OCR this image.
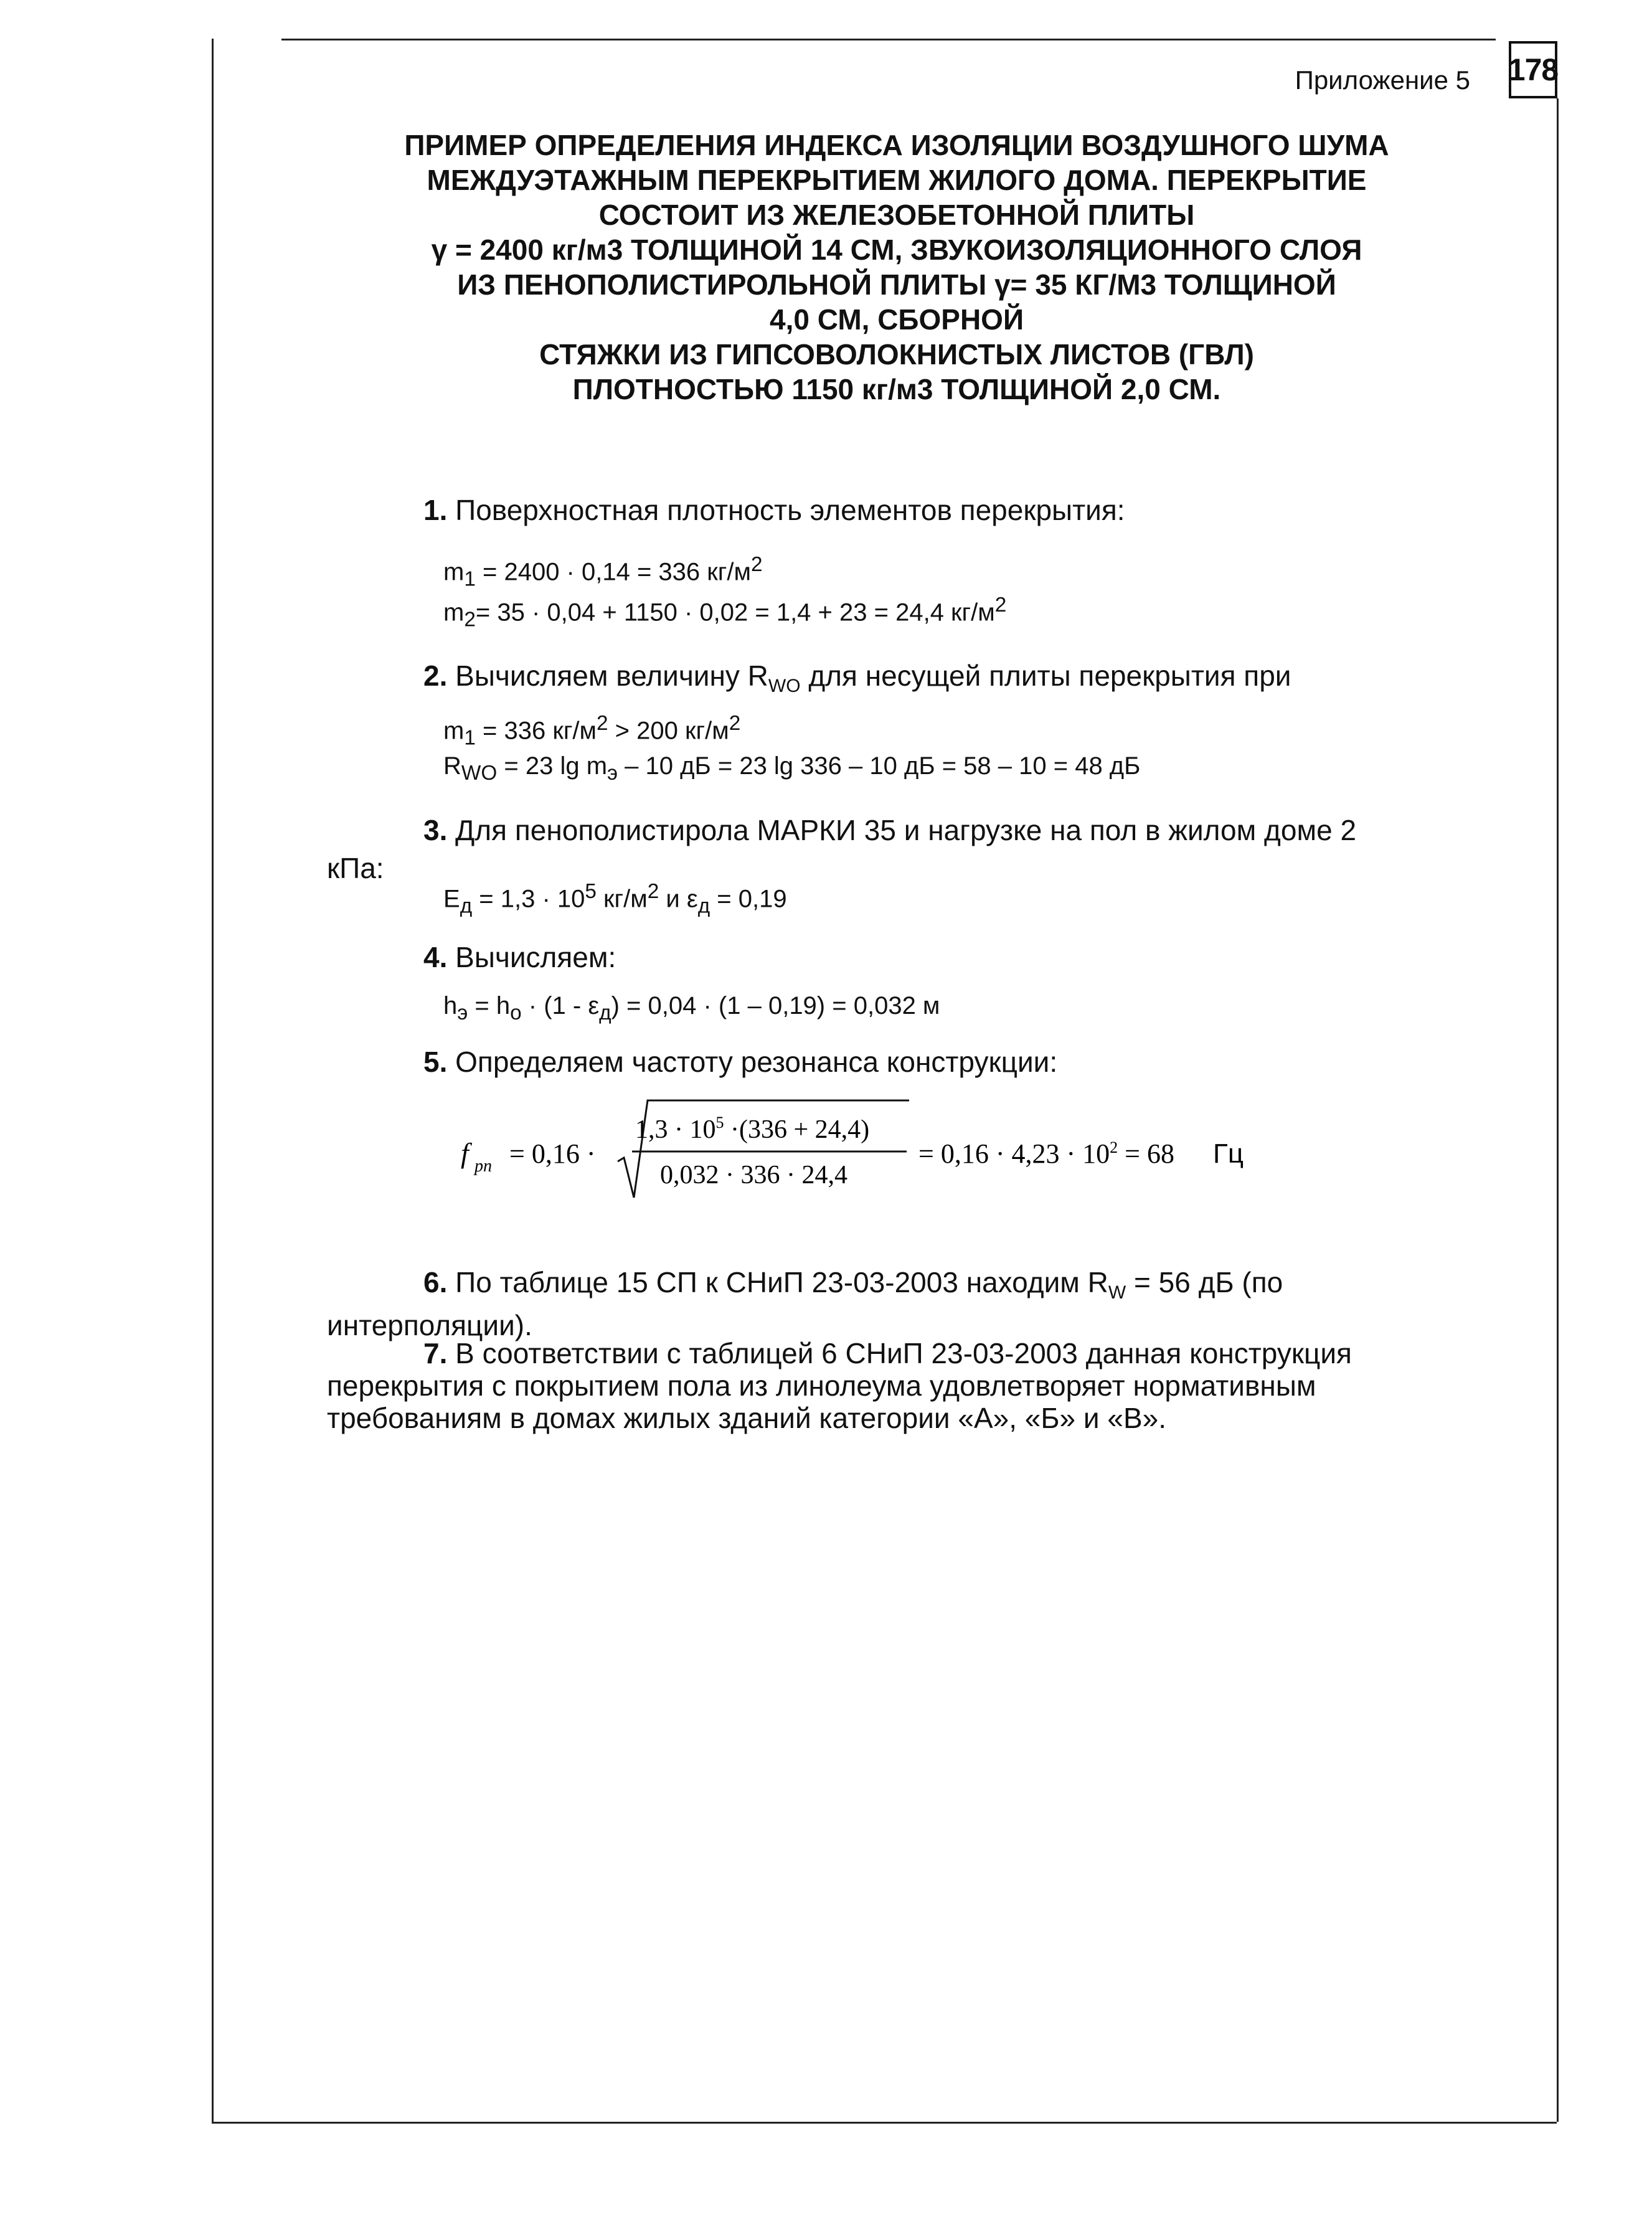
178
Приложение 5
ПРИМЕР ОПРЕДЕЛЕНИЯ ИНДЕКСА ИЗОЛЯЦИИ ВОЗДУШНОГО ШУМА
МЕЖДУЭТАЖНЫМ ПЕРЕКРЫТИЕМ ЖИЛОГО ДОМА. ПЕРЕКРЫТИЕ
СОСТОИТ ИЗ ЖЕЛЕЗОБЕТОННОЙ ПЛИТЫ
γ = 2400 кг/м3 ТОЛЩИНОЙ 14 СМ, ЗВУКОИЗОЛЯЦИОННОГО СЛОЯ
ИЗ ПЕНОПОЛИСТИРОЛЬНОЙ ПЛИТЫ γ= 35 КГ/М3 ТОЛЩИНОЙ
4,0 СМ, СБОРНОЙ
СТЯЖКИ ИЗ ГИПСОВОЛОКНИСТЫХ ЛИСТОВ (ГВЛ)
ПЛОТНОСТЬЮ 1150 кг/м3 ТОЛЩИНОЙ 2,0 СМ.
1. Поверхностная плотность элементов перекрытия:
$m_1 = 2400 \cdot 0,14 = 336$ $кг/м^2$
$m_2= 35 \cdot 0,04 + 1150 \cdot 0,02 = 1,4 + 23 = 24,4$ $кг/м^2$
2. Вычисляем величину $R_{WO}$ для несущей плиты перекрытия при
$m_1 = 336$ $кг/м^2 > 200$ $кг/м^2$
$R_{WO} = 23$ $\lg m_э - 10$ дБ = 23 lg 336 – 10 дБ = 58 – 10 = 48 дБ
3. Для пенополистирола МАРКИ 35 и нагрузке на пол в жилом доме 2
кПа:
$E_д = 1,3 \cdot 10^5$ $кг/м^2$ и $\varepsilon_д = 0,19$
4. Вычисляем:
$h_э = h_o \cdot (1 - \varepsilon_д) = 0,04 \cdot (1 - 0,19) = 0,032$ м
5. Определяем частоту резонанса конструкции:
f рп = 0,16 ·
$1,3 \cdot 10^5 \cdot(336 + 24,4)$
0,032 · 336 · 24,4
= $0,16 \cdot 4,23 \cdot 10^2 = 68$ Гц
6. По таблице 15 СП к СНиП 23-03-2003 находим $R_W = 56$ дБ (по
интерполяции).
7. В соответствии с таблицей 6 СНиП 23-03-2003 данная конструкция
перекрытия с покрытием пола из линолеума удовлетворяет нормативным
требованиям в домах жилых зданий категории «А», «Б» и «В».
